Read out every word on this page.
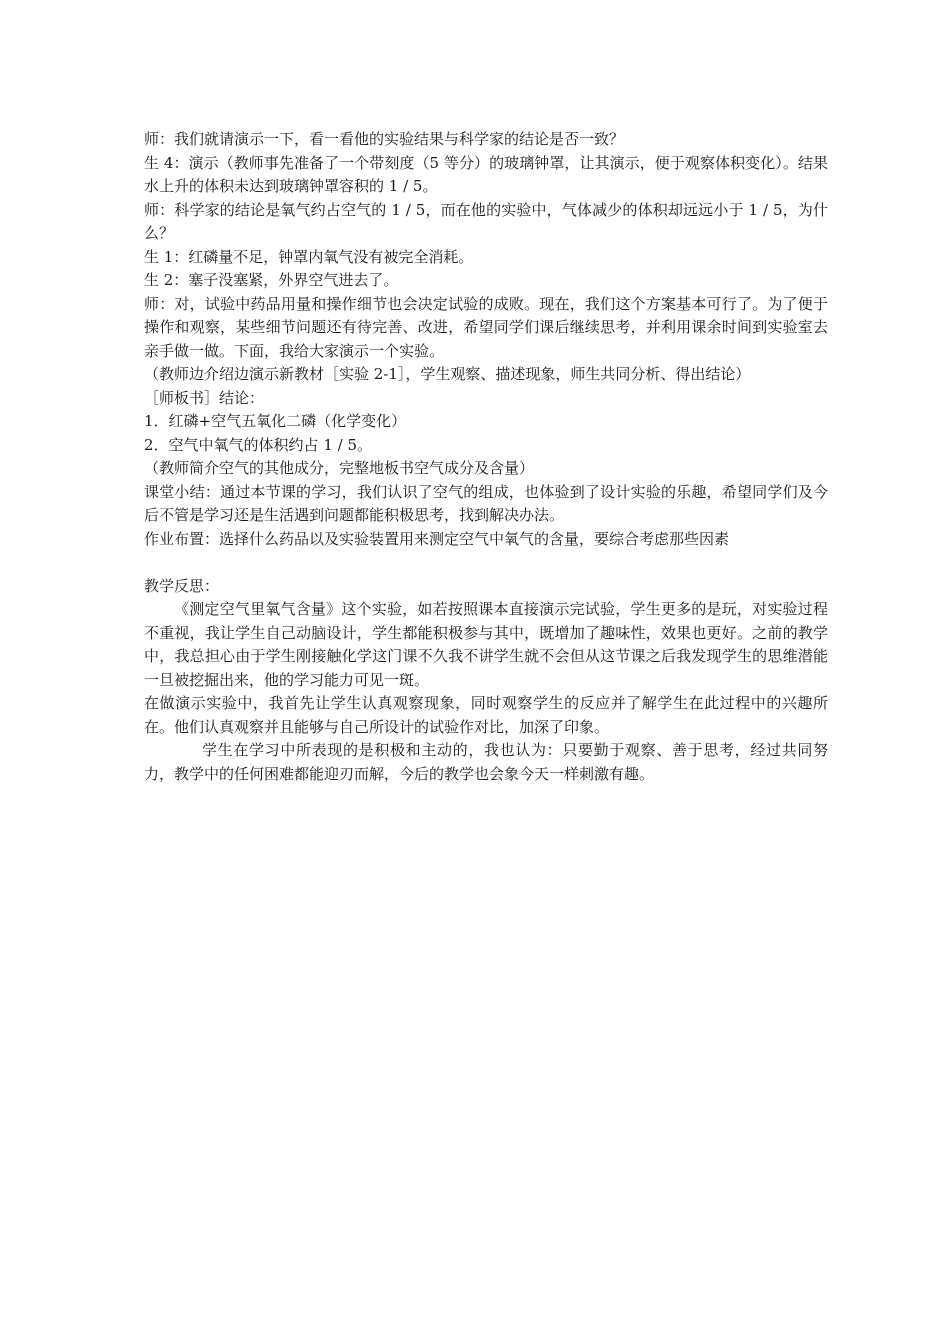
师：我们就请演示一下，看一看他的实验结果与科学家的结论是否一致？

生 4：演示（教师事先准备了一个带刻度（5 等分）的玻璃钟罩，让其演示，便于观察体积变化）。结果水上升的体积未达到玻璃钟罩容积的 1 / 5。

师：科学家的结论是氧气约占空气的 1 / 5，而在他的实验中，气体减少的体积却远远小于 1 / 5，为什么？

生 1：红磷量不足，钟罩内氧气没有被完全消耗。

生 2：塞子没塞紧，外界空气进去了。

师：对，试验中药品用量和操作细节也会决定试验的成败。现在，我们这个方案基本可行了。为了便于操作和观察，某些细节问题还有待完善、改进，希望同学们课后继续思考，并利用课余时间到实验室去亲手做一做。下面，我给大家演示一个实验。

（教师边介绍边演示新教材［实验 2-1］，学生观察、描述现象，师生共同分析、得出结论）

［师板书］结论：

1．红磷+空气五氧化二磷（化学变化）

2．空气中氧气的体积约占 1 / 5。

（教师简介空气的其他成分，完整地板书空气成分及含量）

课堂小结：通过本节课的学习，我们认识了空气的组成，也体验到了设计实验的乐趣，希望同学们及今后不管是学习还是生活遇到问题都能积极思考，找到解决办法。

作业布置：选择什么药品以及实验装置用来测定空气中氧气的含量，要综合考虑那些因素

教学反思：

《测定空气里氧气含量》这个实验，如若按照课本直接演示完试验，学生更多的是玩，对实验过程不重视，我让学生自己动脑设计，学生都能积极参与其中，既增加了趣味性，效果也更好。之前的教学中，我总担心由于学生刚接触化学这门课不久我不讲学生就不会但从这节课之后我发现学生的思维潜能一旦被挖掘出来，他的学习能力可见一斑。

在做演示实验中，我首先让学生认真观察现象，同时观察学生的反应并了解学生在此过程中的兴趣所在。他们认真观察并且能够与自己所设计的试验作对比，加深了印象。

学生在学习中所表现的是积极和主动的，我也认为：只要勤于观察、善于思考，经过共同努力，教学中的任何困难都能迎刃而解，今后的教学也会象今天一样刺激有趣。
